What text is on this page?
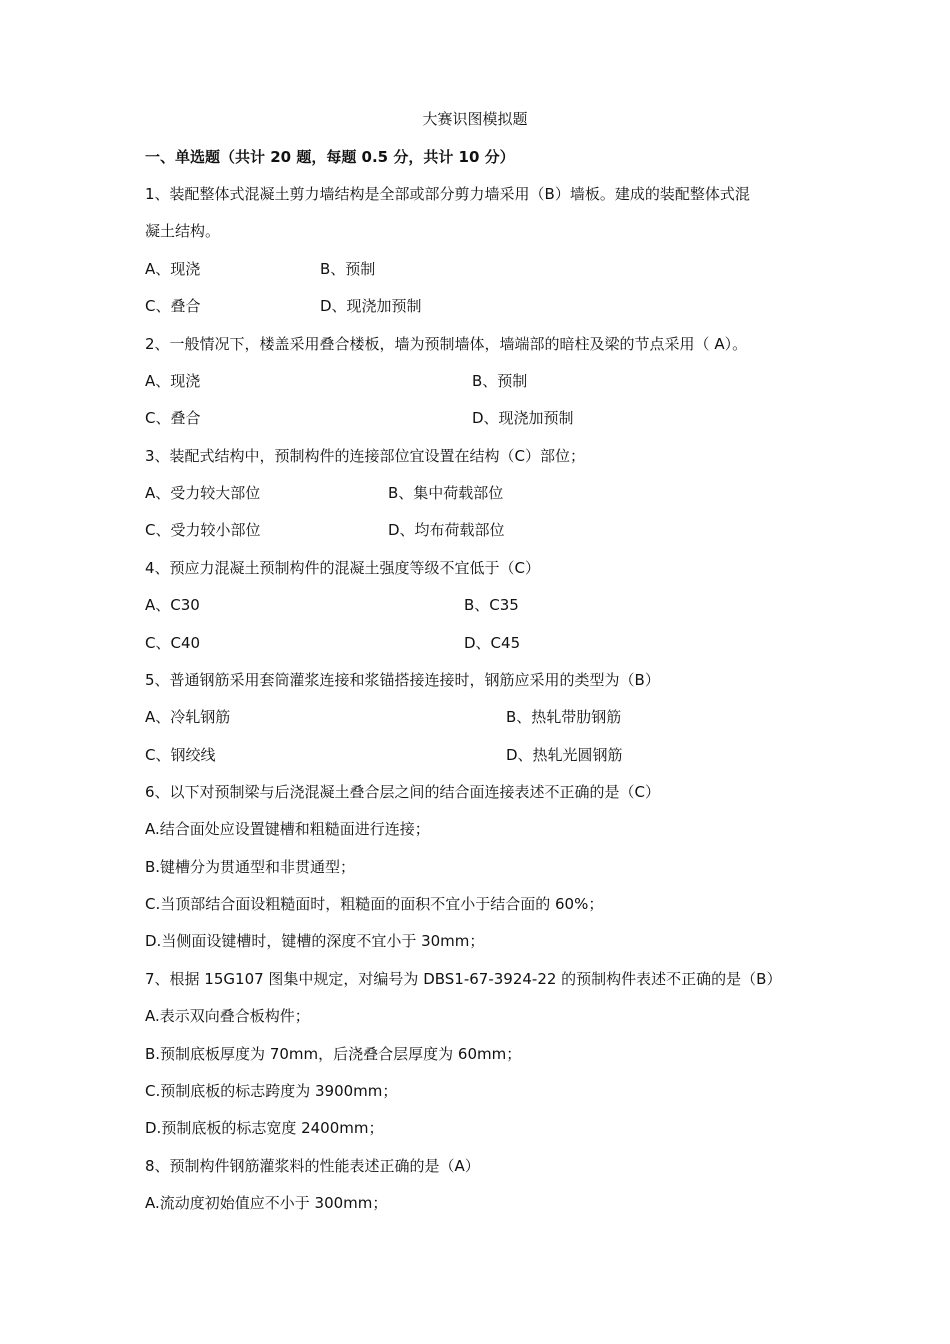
大赛识图模拟题
一、单选题（共计 20 题，每题 0.5 分，共计 10 分）
1、装配整体式混凝土剪力墙结构是全部或部分剪力墙采用（B）墙板。建成的装配整体式混
凝土结构。
A、现浇	B、预制
C、叠合	D、现浇加预制
2、一般情况下，楼盖采用叠合楼板，墙为预制墙体，墙端部的暗柱及梁的节点采用（ A）。
A、现浇	B、预制
C、叠合	D、现浇加预制
3、装配式结构中，预制构件的连接部位宜设置在结构（C）部位；
A、受力较大部位	B、集中荷载部位
C、受力较小部位	D、均布荷载部位
4、预应力混凝土预制构件的混凝土强度等级不宜低于（C）
A、C30	B、C35
C、C40	D、C45
5、普通钢筋采用套筒灌浆连接和浆锚搭接连接时，钢筋应采用的类型为（B）
A、冷轧钢筋	B、热轧带肋钢筋
C、钢绞线	D、热轧光圆钢筋
6、以下对预制梁与后浇混凝土叠合层之间的结合面连接表述不正确的是（C）
A.结合面处应设置键槽和粗糙面进行连接；
B.键槽分为贯通型和非贯通型；
C.当顶部结合面设粗糙面时，粗糙面的面积不宜小于结合面的 60%；
D.当侧面设键槽时，键槽的深度不宜小于 30mm；
7、根据 15G107 图集中规定，对编号为 DBS1-67-3924-22 的预制构件表述不正确的是（B）
A.表示双向叠合板构件；
B.预制底板厚度为 70mm，后浇叠合层厚度为 60mm；
C.预制底板的标志跨度为 3900mm；
D.预制底板的标志宽度 2400mm；
8、预制构件钢筋灌浆料的性能表述正确的是（A）
A.流动度初始值应不小于 300mm；
